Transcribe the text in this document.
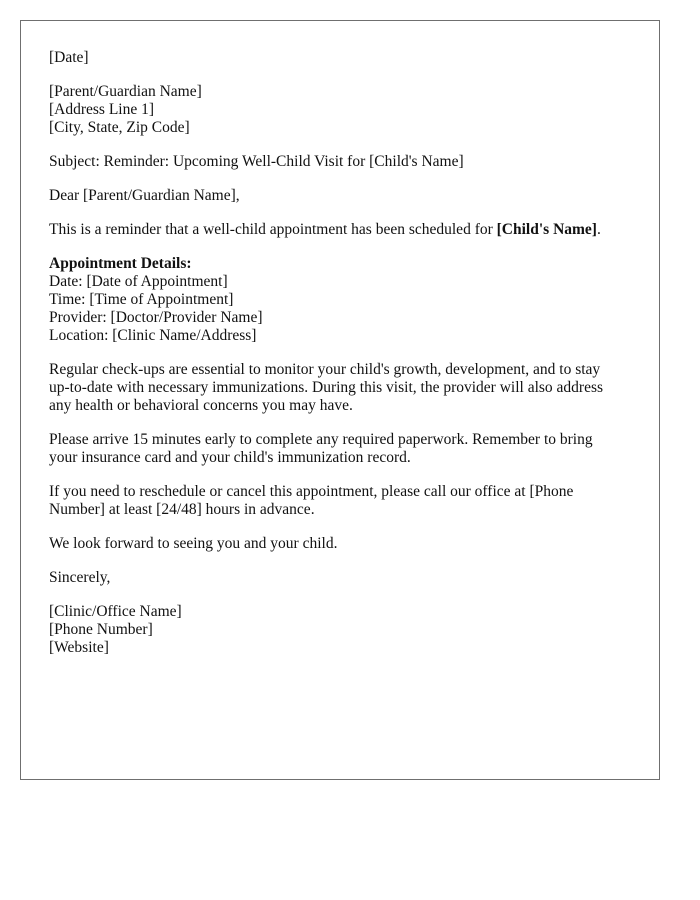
[Date]
[Parent/Guardian Name]
[Address Line 1]
[City, State, Zip Code]
Subject: Reminder: Upcoming Well-Child Visit for [Child's Name]
Dear [Parent/Guardian Name],
This is a reminder that a well-child appointment has been scheduled for [Child's Name].
Appointment Details:
Date: [Date of Appointment]
Time: [Time of Appointment]
Provider: [Doctor/Provider Name]
Location: [Clinic Name/Address]
Regular check-ups are essential to monitor your child's growth, development, and to stay
up-to-date with necessary immunizations. During this visit, the provider will also address
any health or behavioral concerns you may have.
Please arrive 15 minutes early to complete any required paperwork. Remember to bring
your insurance card and your child's immunization record.
If you need to reschedule or cancel this appointment, please call our office at [Phone
Number] at least [24/48] hours in advance.
We look forward to seeing you and your child.
Sincerely,
[Clinic/Office Name]
[Phone Number]
[Website]
